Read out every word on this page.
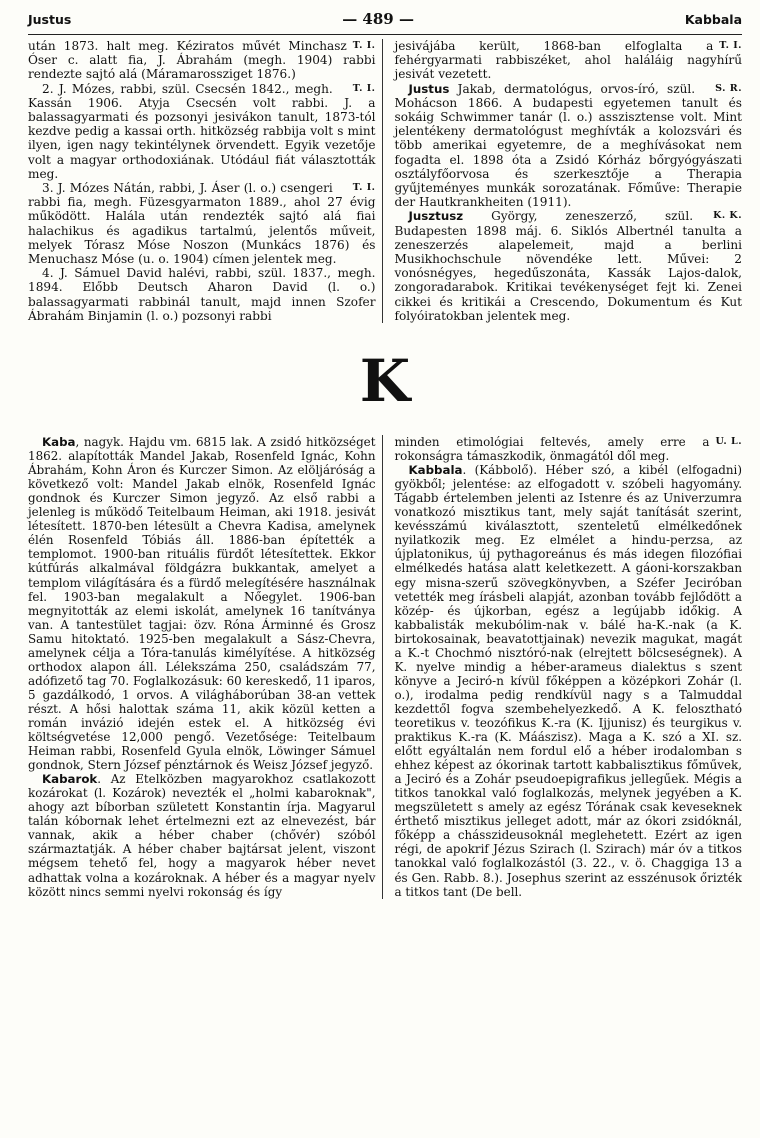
Justus	— 489 —	Kabbala

T. I.
után 1873. halt meg. Kéziratos művét Minchasz Óser c. alatt fia, J. Ábrahám (megh. 1904) rabbi rendezte sajtó alá (Máramarossziget 1876.)

T. I.
2. J. Mózes, rabbi, szül. Csecsén 1842., megh. Kassán 1906. Atyja Csecsén volt rabbi. J. a balassagyarmati és pozsonyi jesivákon tanult, 1873-tól kezdve pedig a kassai orth. hitközség rabbija volt s mint ilyen, igen nagy tekintélynek örvendett. Egyik vezetője volt a magyar orthodoxiának. Utódául fiát választották meg.

T. I.
3. J. Mózes Nátán, rabbi, J. Áser (l. o.) csengeri rabbi fia, megh. Füzesgyarmaton 1889., ahol 27 évig működött. Halála után rendezték sajtó alá fiai halachikus és agadikus tartalmú, jelentős műveit, melyek Tórasz Móse Noszon (Munkács 1876) és Menuchasz Móse (u. o. 1904) címen jelentek meg.

4. J. Sámuel David halévi, rabbi, szül. 1837., megh. 1894. Előbb Deutsch Aharon David (l. o.) balassagyarmati rabbinál tanult, majd innen Szofer Ábrahám Binjamin (l. o.) pozsonyi rabbi

T. I.
jesivájába került, 1868-ban elfoglalta a fehérgyarmati rabbiszéket, ahol haláláig nagyhírű jesivát vezetett.

S. R.
Justus Jakab, dermatológus, orvos-író, szül. Mohácson 1866. A budapesti egyetemen tanult és sokáig Schwimmer tanár (l. o.) asszisztense volt. Mint jelentékeny dermatológust meghívták a kolozsvári és több amerikai egyetemre, de a meghívásokat nem fogadta el. 1898 óta a Zsidó Kórház bőrgyógyászati osztályfőorvosa és szerkesztője a Therapia gyűjteményes munkák sorozatának. Főműve: Therapie der Hautkrankheiten (1911).

K. K.
Jusztusz György, zeneszerző, szül. Budapesten 1898 máj. 6. Siklós Albertnél tanulta a zeneszerzés alapelemeit, majd a berlini Musikhochschule növendéke lett. Művei: 2 vonósnégyes, hegedűszonáta, Kassák Lajos-dalok, zongoradarabok. Kritikai tevékenységet fejt ki. Zenei cikkei és kritikái a Crescendo, Dokumentum és Kut folyóiratokban jelentek meg.

K

Kaba, nagyk. Hajdu vm. 6815 lak. A zsidó hitközséget 1862. alapították Mandel Jakab, Rosenfeld Ignác, Kohn Ábrahám, Kohn Áron és Kurczer Simon. Az elöljáróság a következő volt: Mandel Jakab elnök, Rosenfeld Ignác gondnok és Kurczer Simon jegyző. Az első rabbi a jelenleg is működő Teitelbaum Heiman, aki 1918. jesivát létesített. 1870-ben létesült a Chevra Kadisa, amelynek élén Rosenfeld Tóbiás áll. 1886-ban építették a templomot. 1900-ban rituális fürdőt létesítettek. Ekkor kútfúrás alkalmával földgázra bukkantak, amelyet a templom világítására és a fürdő melegítésére használnak fel. 1903-ban megalakult a Nőegylet. 1906-ban megnyitották az elemi iskolát, amelynek 16 tanítványa van. A tantestület tagjai: özv. Róna Árminné és Grosz Samu hitoktató. 1925-ben megalakult a Sász-Chevra, amelynek célja a Tóra-tanulás kimélyítése. A hitközség orthodox alapon áll. Lélekszáma 250, családszám 77, adófizető tag 70. Foglalkozásuk: 60 kereskedő, 11 iparos, 5 gazdálkodó, 1 orvos. A világháborúban 38-an vettek részt. A hősi halottak száma 11, akik közül ketten a román invázió idején estek el. A hitközség évi költségvetése 12,000 pengő. Vezetősége: Teitelbaum Heiman rabbi, Rosenfeld Gyula elnök, Löwinger Sámuel gondnok, Stern József pénztárnok és Weisz József jegyző.

Kabarok. Az Etelközben magyarokhoz csatlakozott kozárokat (l. Kozárok) nevezték el „holmi kabaroknak", ahogy azt bíborban született Konstantin írja. Magyarul talán kóbornak lehet értelmezni ezt az elnevezést, bár vannak, akik a héber chaber (chővér) szóból származtatják. A héber chaber bajtársat jelent, viszont mégsem tehető fel, hogy a magyarok héber nevet adhattak volna a kozároknak. A héber és a magyar nyelv között nincs semmi nyelvi rokonság és így

U. L.
minden etimológiai feltevés, amely erre a rokonságra támaszkodik, önmagától dől meg.

Kabbala. (Kábbolő). Héber szó, a kibél (elfogadni) gyökből; jelentése: az elfogadott v. szóbeli hagyomány. Tágabb értelemben jelenti az Istenre és az Univerzumra vonatkozó misztikus tant, mely saját tanítását szerint, kevésszámú kiválasztott, szenteletű elmélkedőnek nyilatkozik meg. Ez elmélet a hindu-perzsa, az újplatonikus, új pythagoreánus és más idegen filozófiai elmélkedés hatása alatt keletkezett. A gáoni-korszakban egy misna-szerű szövegkönyvben, a Széfer Jeciróban vetették meg írásbeli alapját, azonban tovább fejlődött a közép- és újkorban, egész a legújabb időkig. A kabbalisták mekubólim-nak v. bálé ha-K.-nak (a K. birtokosainak, beavatottjainak) nevezik magukat, magát a K.-t Chochmó nisztóró-nak (elrejtett bölcseségnek). A K. nyelve mindig a héber-arameus dialektus s szent könyve a Jeciró-n kívül főképpen a középkori Zohár (l. o.), irodalma pedig rendkívül nagy s a Talmuddal kezdettől fogva szembehelyezkedő. A K. felosztható teoretikus v. teozófikus K.-ra (K. Ijjunisz) és teurgikus v. praktikus K.-ra (K. Máászisz). Maga a K. szó a XI. sz. előtt egyáltalán nem fordul elő a héber irodalomban s ehhez képest az ókorinak tartott kabbalisztikus főművek, a Jeciró és a Zohár pseudoepigrafikus jellegűek. Mégis a titkos tanokkal való foglalkozás, melynek jegyében a K. megszületett s amely az egész Tórának csak keveseknek érthető misztikus jelleget adott, már az ókori zsidóknál, főképp a chásszideusoknál meglehetett. Ezért az igen régi, de apokrif Jézus Szirach (l. Szirach) már óv a titkos tanokkal való foglalkozástól (3. 22., v. ö. Chaggiga 13 a és Gen. Rabb. 8.). Josephus szerint az esszénusok őrizték a titkos tant (De bell.
